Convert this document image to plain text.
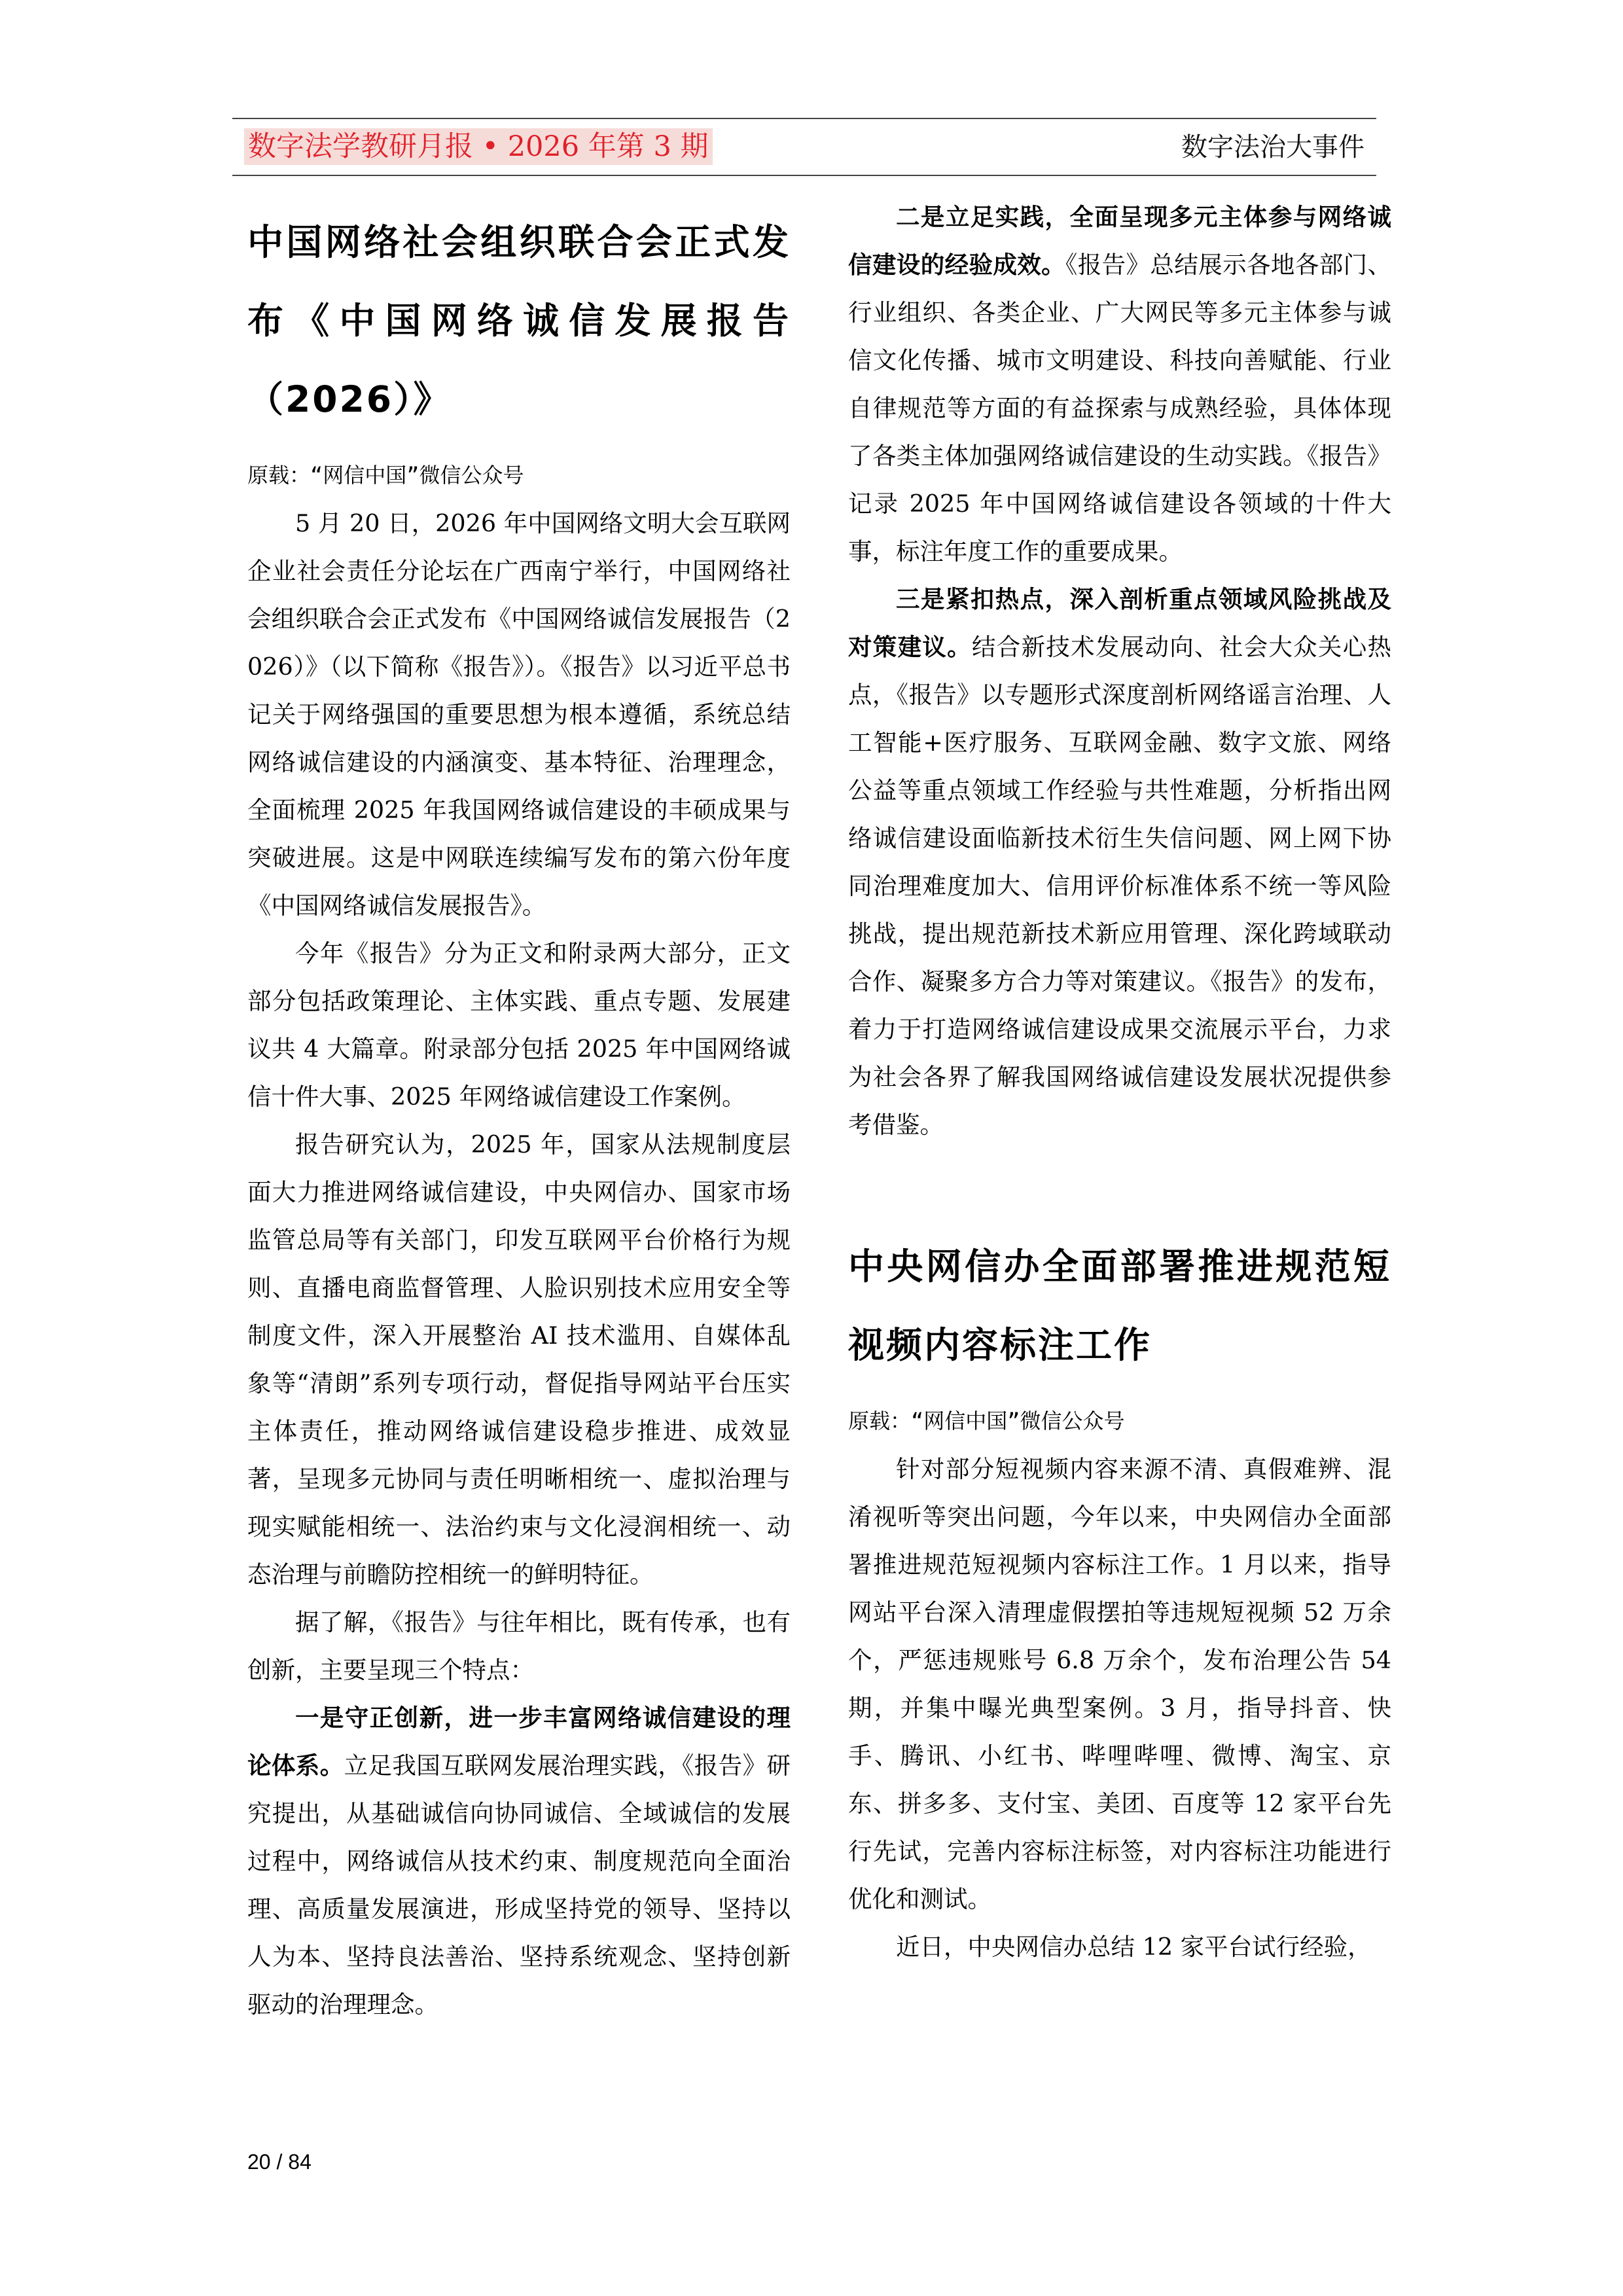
数字法学教研月报 • 2026 年第 3 期	数字法治大事件
中国网络社会组织联合会正式发布《中国网络诚信发展报告（2026）》

原载：“网信中国”微信公众号

5 月 20 日，2026 年中国网络文明大会互联网企业社会责任分论坛在广西南宁举行，中国网络社会组织联合会正式发布《中国网络诚信发展报告（2026）》（以下简称《报告》）。《报告》以习近平总书记关于网络强国的重要思想为根本遵循，系统总结网络诚信建设的内涵演变、基本特征、治理理念，全面梳理 2025 年我国网络诚信建设的丰硕成果与突破进展。这是中网联连续编写发布的第六份年度《中国网络诚信发展报告》。

今年《报告》分为正文和附录两大部分，正文部分包括政策理论、主体实践、重点专题、发展建议共 4 大篇章。附录部分包括 2025 年中国网络诚信十件大事、2025 年网络诚信建设工作案例。

报告研究认为，2025 年，国家从法规制度层面大力推进网络诚信建设，中央网信办、国家市场监管总局等有关部门，印发互联网平台价格行为规则、直播电商监督管理、人脸识别技术应用安全等制度文件，深入开展整治 AI 技术滥用、自媒体乱象等“清朗”系列专项行动，督促指导网站平台压实主体责任，推动网络诚信建设稳步推进、成效显著，呈现多元协同与责任明晰相统一、虚拟治理与现实赋能相统一、法治约束与文化浸润相统一、动态治理与前瞻防控相统一的鲜明特征。

据了解，《报告》与往年相比，既有传承，也有创新，主要呈现三个特点：

一是守正创新，进一步丰富网络诚信建设的理论体系。立足我国互联网发展治理实践，《报告》研究提出，从基础诚信向协同诚信、全域诚信的发展过程中，网络诚信从技术约束、制度规范向全面治理、高质量发展演进，形成坚持党的领导、坚持以人为本、坚持良法善治、坚持系统观念、坚持创新驱动的治理理念。

二是立足实践，全面呈现多元主体参与网络诚信建设的经验成效。《报告》总结展示各地各部门、行业组织、各类企业、广大网民等多元主体参与诚信文化传播、城市文明建设、科技向善赋能、行业自律规范等方面的有益探索与成熟经验，具体体现了各类主体加强网络诚信建设的生动实践。《报告》记录 2025 年中国网络诚信建设各领域的十件大事，标注年度工作的重要成果。

三是紧扣热点，深入剖析重点领域风险挑战及对策建议。结合新技术发展动向、社会大众关心热点，《报告》以专题形式深度剖析网络谣言治理、人工智能+医疗服务、互联网金融、数字文旅、网络公益等重点领域工作经验与共性难题，分析指出网络诚信建设面临新技术衍生失信问题、网上网下协同治理难度加大、信用评价标准体系不统一等风险挑战，提出规范新技术新应用管理、深化跨域联动合作、凝聚多方合力等对策建议。《报告》的发布，着力于打造网络诚信建设成果交流展示平台，力求为社会各界了解我国网络诚信建设发展状况提供参考借鉴。

中央网信办全面部署推进规范短视频内容标注工作

原载：“网信中国”微信公众号

针对部分短视频内容来源不清、真假难辨、混淆视听等突出问题，今年以来，中央网信办全面部署推进规范短视频内容标注工作。1 月以来，指导网站平台深入清理虚假摆拍等违规短视频 52 万余个，严惩违规账号 6.8 万余个，发布治理公告 54 期，并集中曝光典型案例。3 月，指导抖音、快手、腾讯、小红书、哔哩哔哩、微博、淘宝、京东、拼多多、支付宝、美团、百度等 12 家平台先行先试，完善内容标注标签，对内容标注功能进行优化和测试。

近日，中央网信办总结 12 家平台试行经验，

20 / 84
